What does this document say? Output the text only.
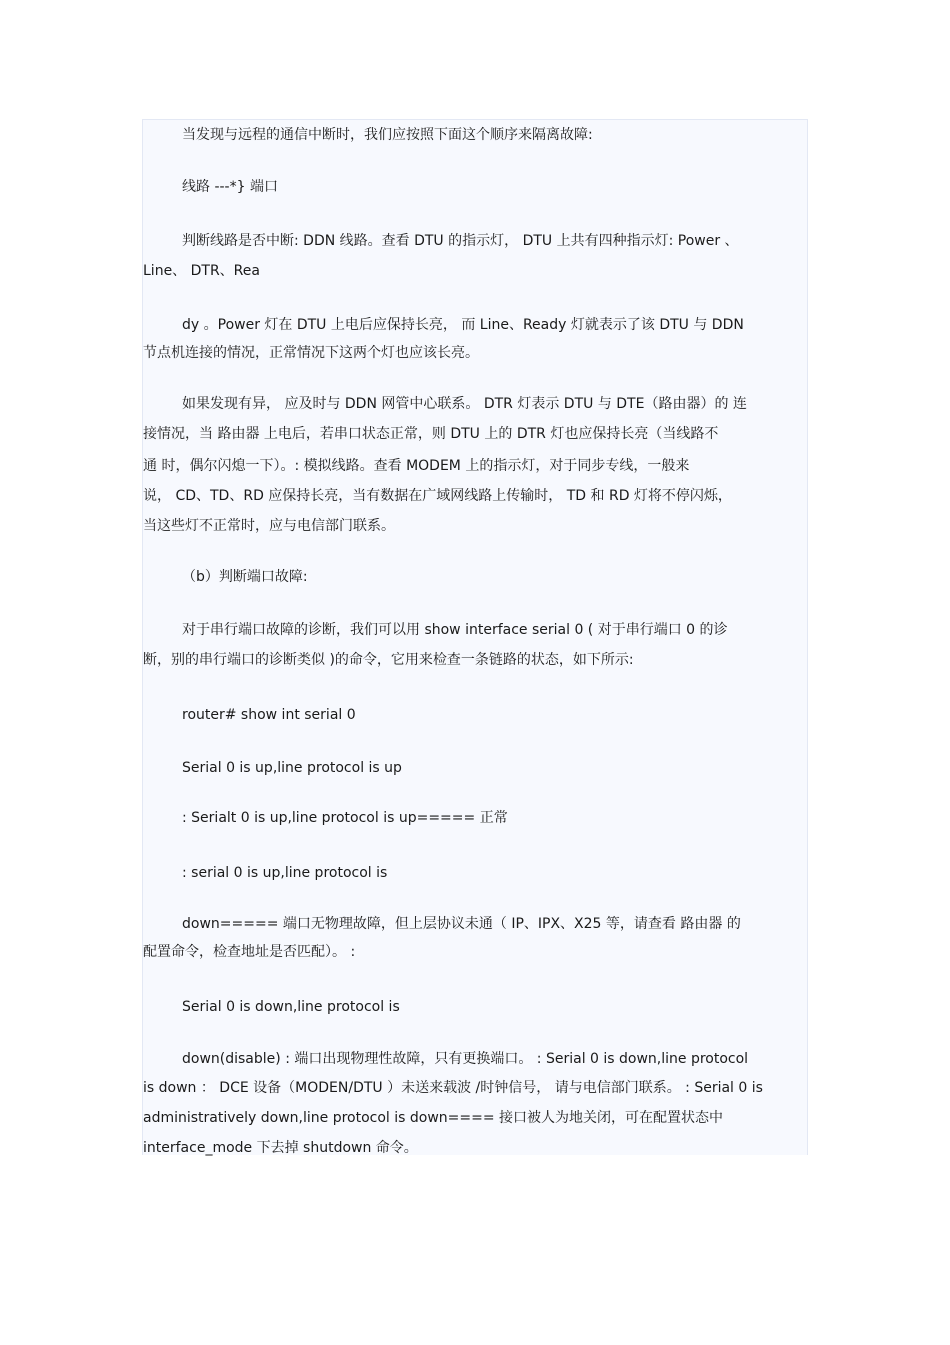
当发现与远程的通信中断时，我们应按照下面这个顺序来隔离故障:
线路 ---*} 端口
判断线路是否中断: DDN 线路。查看 DTU 的指示灯， DTU 上共有四种指示灯: Power 、
Line、 DTR、Rea
dy 。Power 灯在 DTU 上电后应保持长亮， 而 Line、Ready 灯就表示了该 DTU 与 DDN
节点机连接的情况，正常情况下这两个灯也应该长亮。
如果发现有异， 应及时与 DDN 网管中心联系。 DTR 灯表示 DTU 与 DTE（路由器）的 连
接情况，当 路由器 上电后，若串口状态正常，则 DTU 上的 DTR 灯也应保持长亮（当线路不
通 时，偶尔闪熄一下）。: 模拟线路。查看 MODEM 上的指示灯，对于同步专线，一般来
说， CD、TD、RD 应保持长亮，当有数据在广域网线路上传输时， TD 和 RD 灯将不停闪烁，
当这些灯不正常时，应与电信部门联系。
（b）判断端口故障:
对于串行端口故障的诊断，我们可以用 show interface serial 0 ( 对于串行端口 0 的诊
断，别的串行端口的诊断类似 )的命令，它用来检查一条链路的状态，如下所示:
router# show int serial 0
Serial 0 is up,line protocol is up
: Serialt 0 is up,line protocol is up===== 正常
: serial 0 is up,line protocol is
down===== 端口无物理故障，但上层协议未通（ IP、IPX、X25 等，请查看 路由器 的
配置命令，检查地址是否匹配）。 :
Serial 0 is down,line protocol is
down(disable) : 端口出现物理性故障，只有更换端口。 : Serial 0 is down,line protocol
is down ： DCE 设备（MODEN/DTU ）未送来载波 /时钟信号， 请与电信部门联系。 : Serial 0 is
administratively down,line protocol is down==== 接口被人为地关闭，可在配置状态中
interface_mode 下去掉 shutdown 命令。
